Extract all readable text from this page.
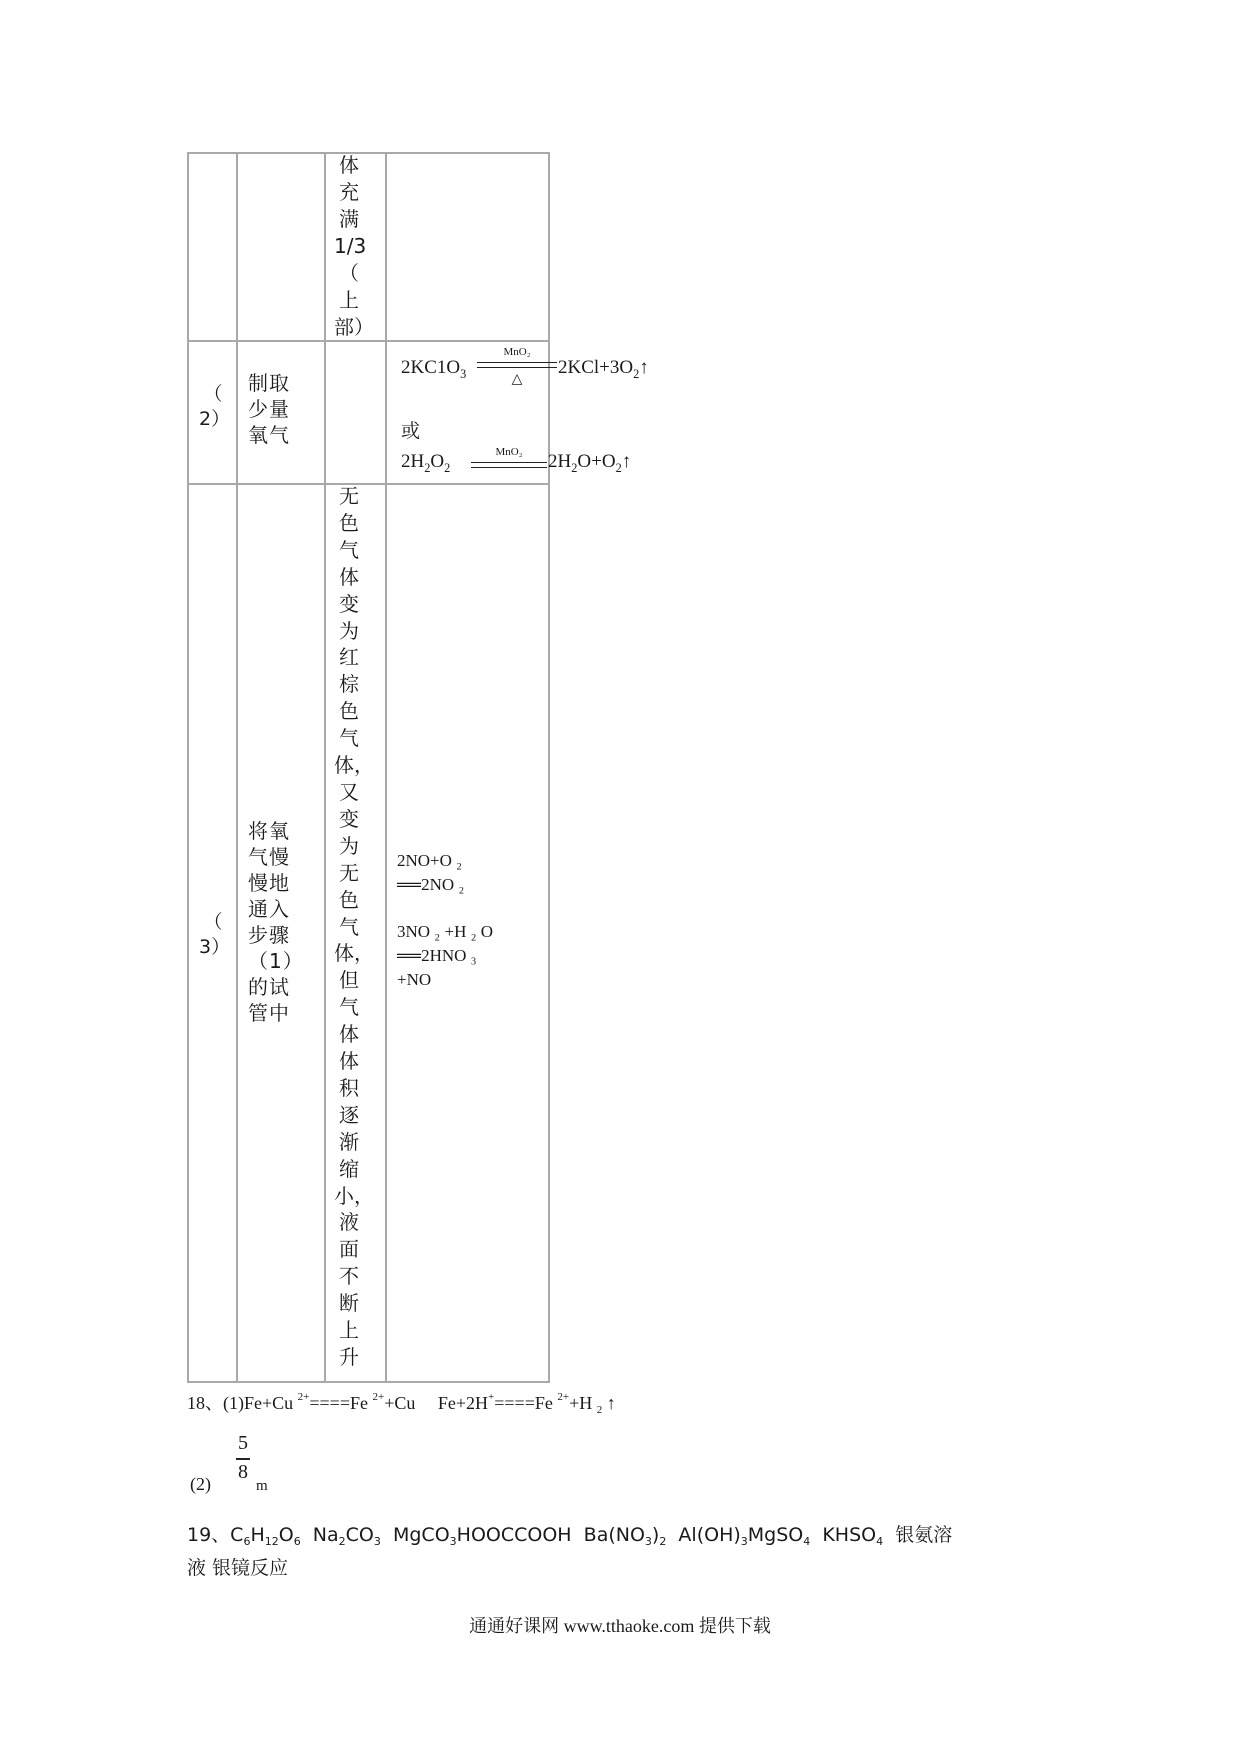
体
充
满
1/3
（
上
部）
（
2）
制取
少量
氧气
$2KC1O_3$
MnO₂
△
$2KCl+3O_2↑$
或
$2H_2O_2$
MnO₂	$2H_2O+O_2↑$
（
3）
将氧
气慢
慢地
通入
步骤
（1）
的试
管中
无
色
气
体
变
为
红
棕
色
气
体，
又
变
为
无
色
气
体，
但
气
体
体
积
逐
渐
缩
小，
液
面
不
断
上
升
2NO+O ₂
══2NO ₂
3NO ₂ +H ₂ O
══2HNO ₃
+NO
18、(1)Fe+Cu $^{2+}$====Fe $^{2+}$+Cu Fe+2H+====Fe $^{2+}$+H $_2$ ↑
(2)
5
8
m
19、$C_6H_{12}O_6$  $Na_2CO_3$  MgCO$_3$HOOCCOOH  $Ba(NO_3)_2$  $Al(OH)_3MgSO_4$  $KHSO_4$  银氨溶
液 银镜反应
通通好课网 www.tthaoke.com 提供下载
